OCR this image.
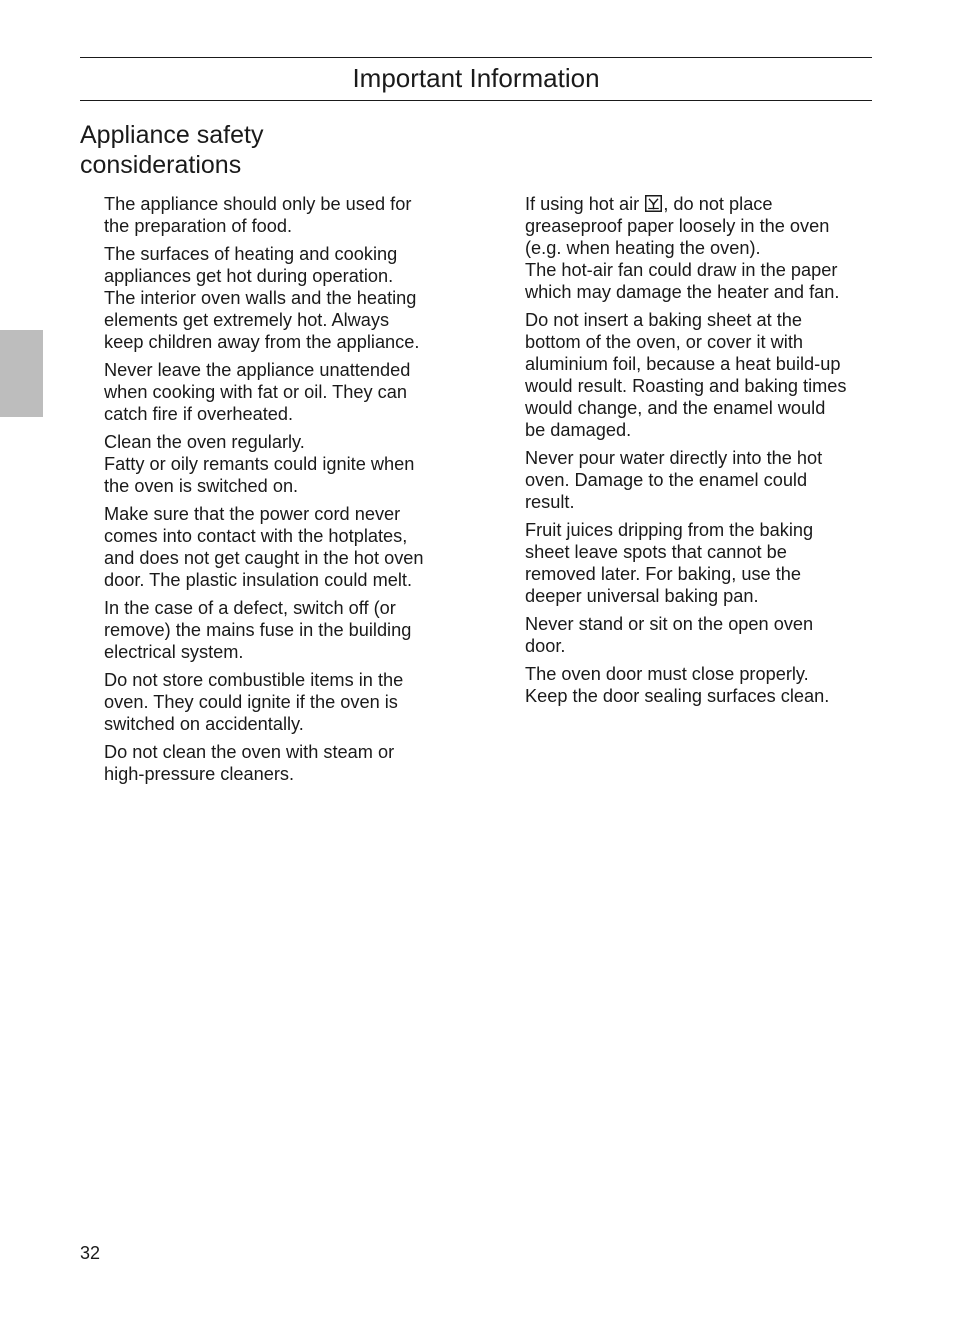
Important Information
Appliance safety
considerations

The appliance should only be used for
the preparation of food.

The surfaces of heating and cooking
appliances get hot during operation.
The interior oven walls and the heating
elements get extremely hot. Always
keep children away from the appliance.

Never leave the appliance unattended
when cooking with fat or oil. They can
catch fire if overheated.

Clean the oven regularly.
Fatty or oily remants could ignite when
the oven is switched on.

Make sure that the power cord never
comes into contact with the hotplates,
and does not get caught in the hot oven
door. The plastic insulation could melt.

In the case of a defect, switch off (or
remove) the mains fuse in the building
electrical system.

Do not store combustible items in the
oven. They could ignite if the oven is
switched on accidentally.

Do not clean the oven with steam or
high-pressure cleaners.

If using hot air , do not place
greaseproof paper loosely in the oven
(e.g. when heating the oven).
The hot-air fan could draw in the paper
which may damage the heater and fan.

Do not insert a baking sheet at the
bottom of the oven, or cover it with
aluminium foil, because a heat build-up
would result. Roasting and baking times
would change, and the enamel would
be damaged.

Never pour water directly into the hot
oven. Damage to the enamel could
result.

Fruit juices dripping from the baking
sheet leave spots that cannot be
removed later. For baking, use the
deeper universal baking pan.

Never stand or sit on the open oven
door.

The oven door must close properly.
Keep the door sealing surfaces clean.

32
